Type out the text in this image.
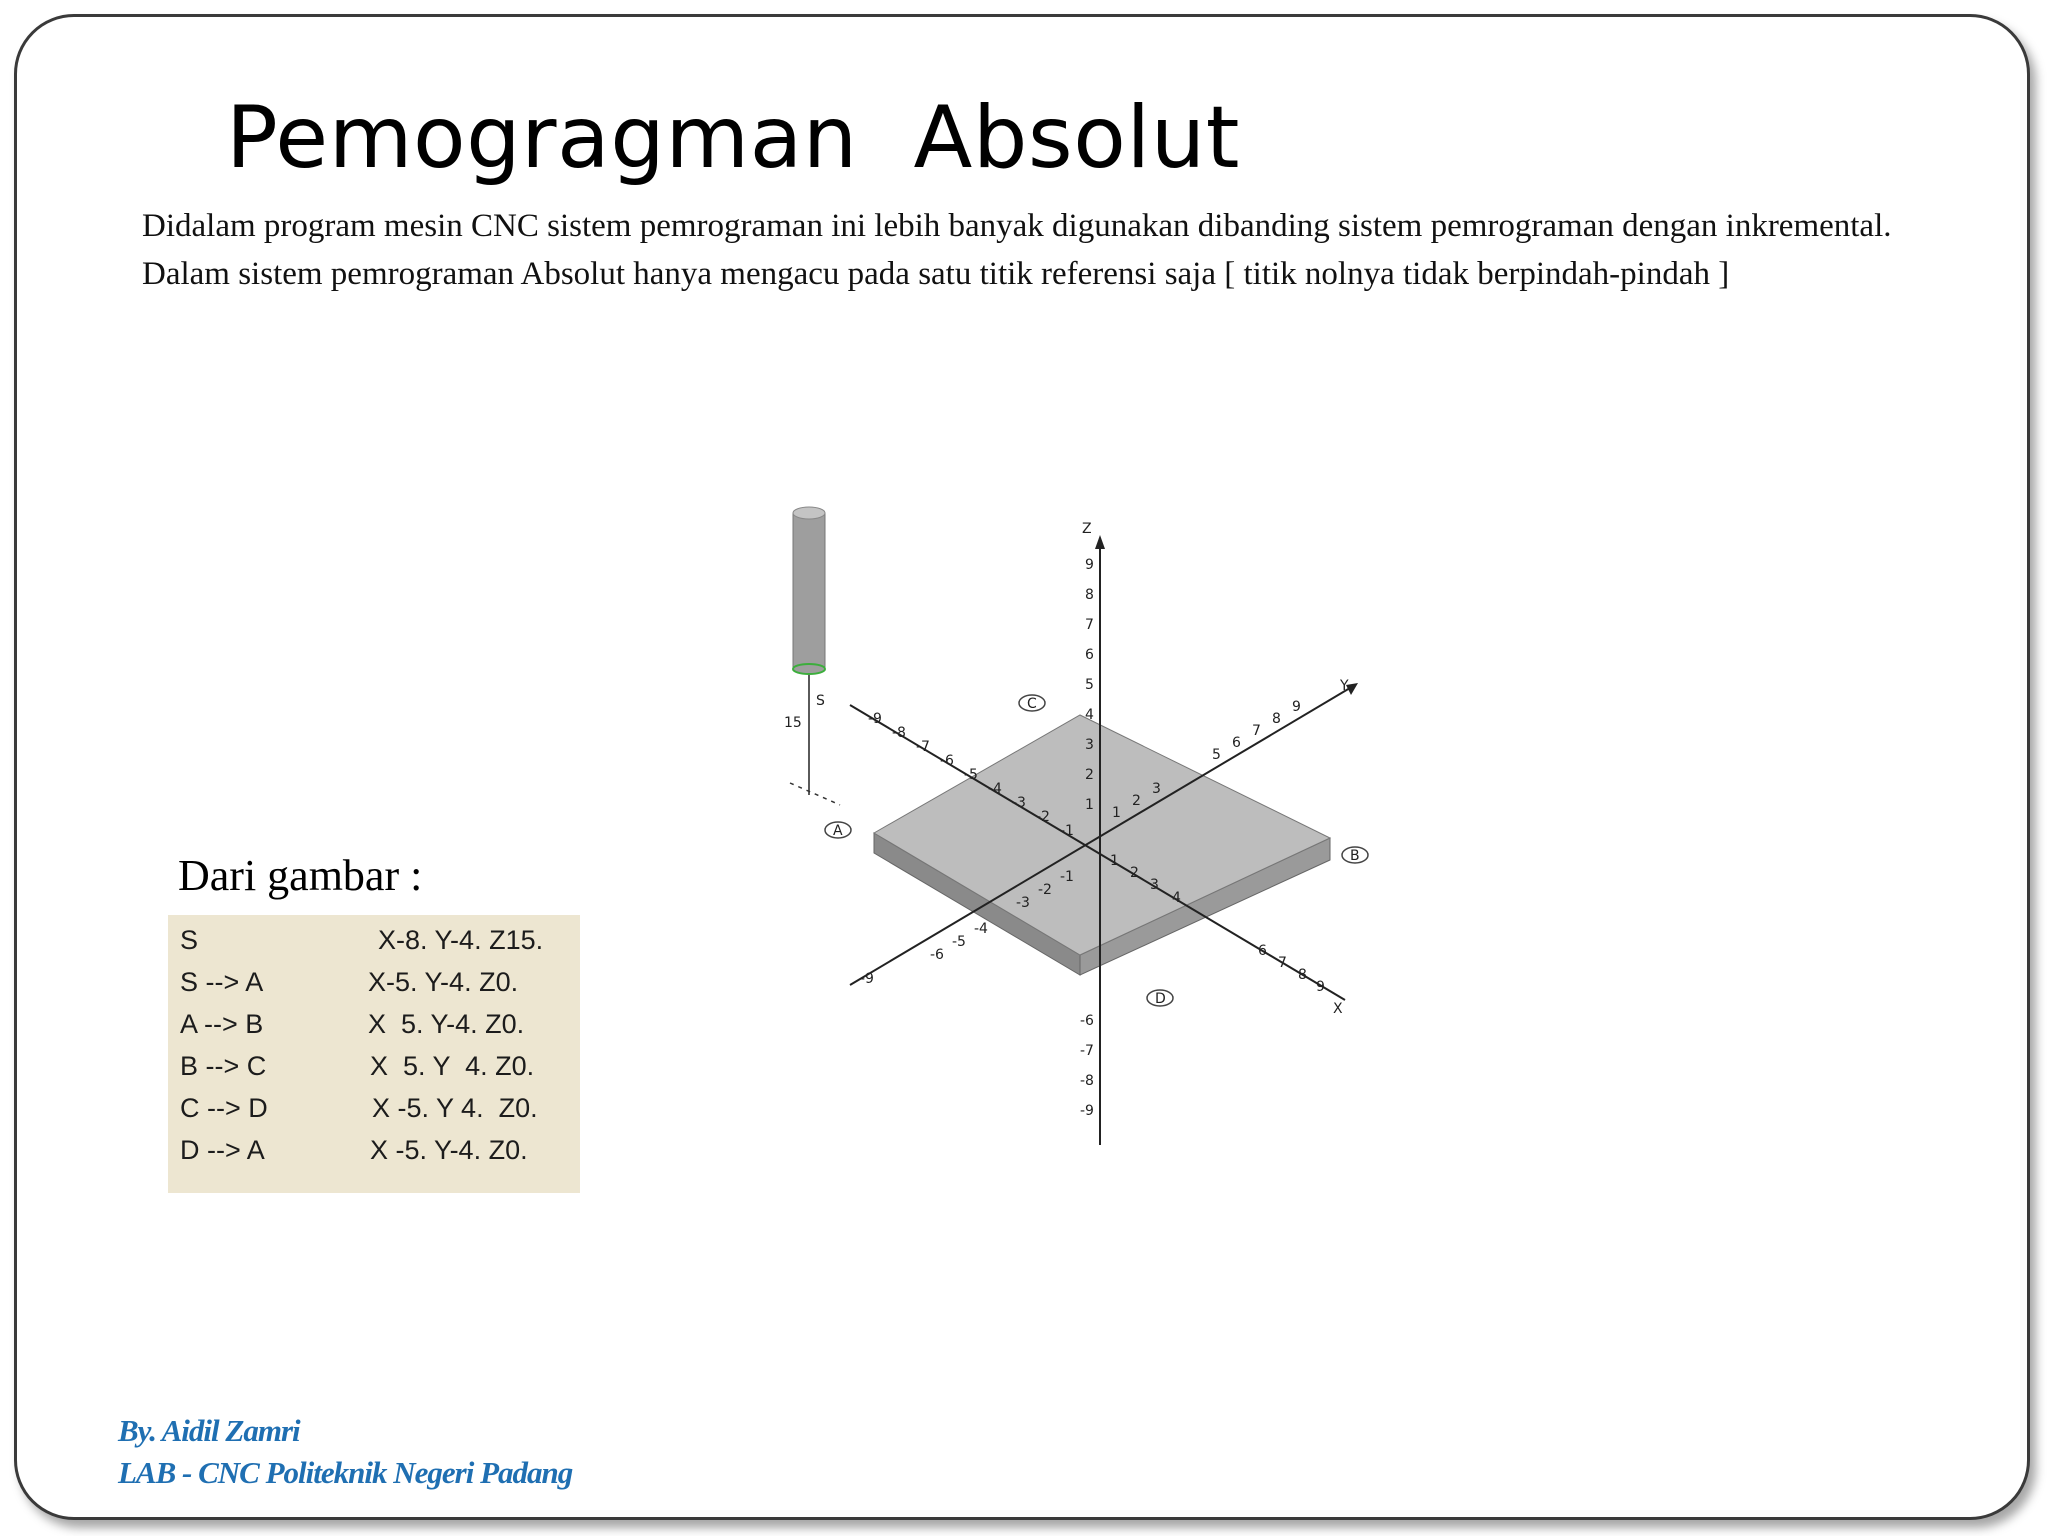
Pemogragman  Absolut

Didalam program mesin CNC sistem pemrograman ini lebih banyak digunakan dibanding sistem pemrograman dengan inkremental. Dalam sistem pemrograman Absolut hanya mengacu pada satu titik referensi saja [ titik nolnya tidak berpindah-pindah ]

Dari gambar :
S	X-8. Y-4. Z15.
S --> A	X-5. Y-4. Z0.
A --> B	X  5. Y-4. Z0.
B --> C	X  5. Y  4. Z0.
C --> D	X -5. Y 4.  Z0.
D --> A	X -5. Y-4. Z0.
Z
Y
X
9
8
7
6
5
4
3
2
1
-6
-7
-8
-9
1
2
3
4
6
7
8
9
-1
-2
-3
-4
-5
-6
-7
-8
-9
1
2
3
5
6
7
8
9
-1
-2
-3
-4
-5
-6
-9
A
B
C
D
15
S
By. Aidil Zamri
LAB - CNC Politeknik Negeri Padang
